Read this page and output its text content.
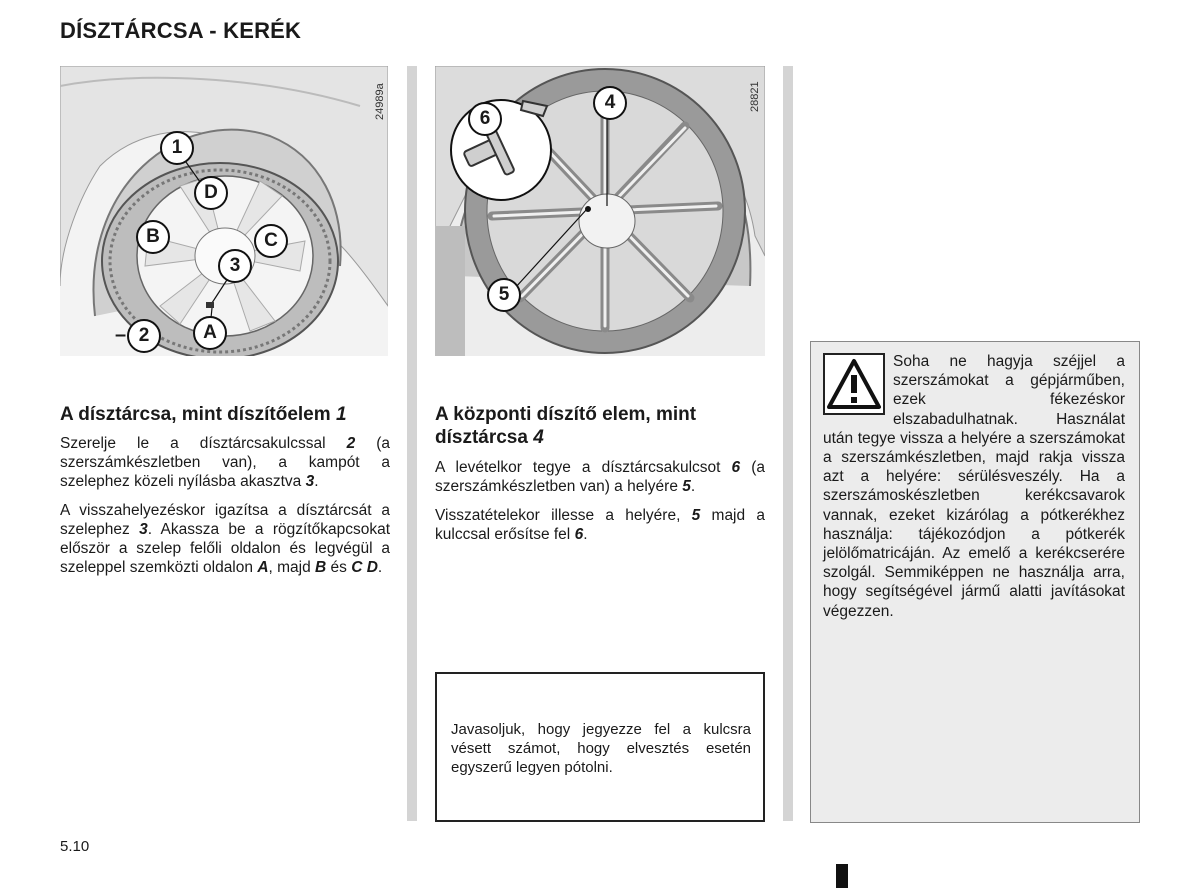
DÍSZTÁRCSA - KERÉK
1
D
B	C
3
2	A
–
24989a	6
4
5
28821
A dísztárcsa, mint díszítőelem 1

Szerelje le a dísztárcsakulcssal 2 (a szerszámkészletben van), a kampót a szelephez közeli nyílásba akasztva 3.

A visszahelyezéskor igazítsa a dísztárcsát a szelephez 3. Akassza be a rögzítőkapcsokat először a szelep felőli oldalon és legvégül a szeleppel szemközti oldalon A, majd B és C D.

A központi díszítő elem, mint dísztárcsa 4

A levételkor tegye a dísztárcsakulcsot 6 (a szerszámkészletben van) a helyére 5.

Visszatételekor illesse a helyére, 5 majd a kulccsal erősítse fel 6.

Javasoljuk, hogy jegyezze fel a kulcsra vésett számot, hogy elvesztés esetén egyszerű legyen pótolni.
Soha ne hagyja széjjel a szerszámokat a gépjárműben, ezek fékezéskor elszabadulhatnak. Használat után tegye vissza a helyére a szerszámokat a szerszámkészletben, majd rakja vissza azt a helyére: sérülésveszély. Ha a szerszámoskészletben kerékcsavarok vannak, ezeket kizárólag a pótkerékhez használja: tájékozódjon a pótkerék jelölőmatricáján. Az emelő a kerékcserére szolgál. Semmiképpen ne használja arra, hogy segítségével jármű alatti javításokat végezzen.
5.10
